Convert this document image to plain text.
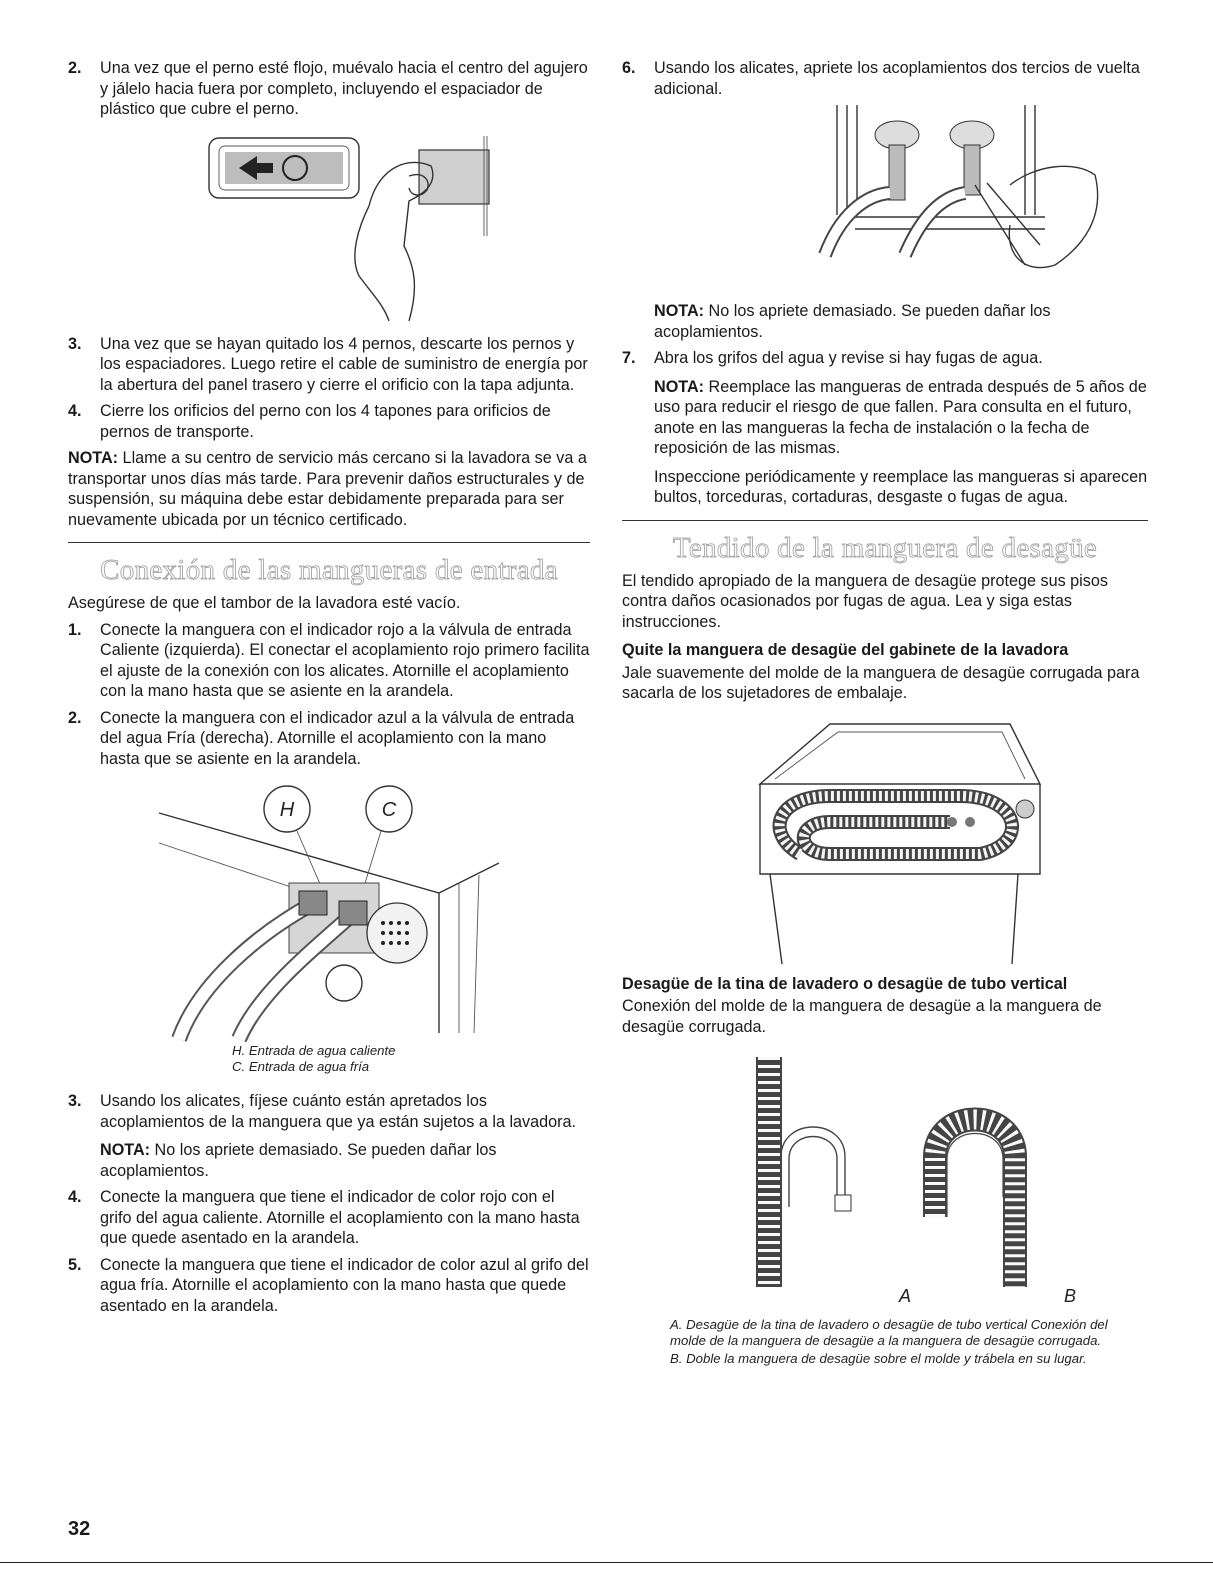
2.	Una vez que el perno esté flojo, muévalo hacia el centro del agujero y jálelo hacia fuera por completo, incluyendo el espaciador de plástico que cubre el perno.

3.	Una vez que se hayan quitado los 4 pernos, descarte los pernos y los espaciadores. Luego retire el cable de suministro de energía por la abertura del panel trasero y cierre el orificio con la tapa adjunta.

4.	Cierre los orificios del perno con los 4 tapones para orificios de pernos de transporte.

NOTA: Llame a su centro de servicio más cercano si la lavadora se va a transportar unos días más tarde. Para prevenir daños estructurales y de suspensión, su máquina debe estar debidamente preparada para ser nuevamente ubicada por un técnico certificado.

Conexión de las mangueras de entrada

Asegúrese de que el tambor de la lavadora esté vacío.

1.	Conecte la manguera con el indicador rojo a la válvula de entrada Caliente (izquierda). El conectar el acoplamiento rojo primero facilita el ajuste de la conexión con los alicates. Atornille el acoplamiento con la mano hasta que se asiente en la arandela.

2.	Conecte la manguera con el indicador azul a la válvula de entrada del agua Fría (derecha). Atornille el acoplamiento con la mano hasta que se asiente en la arandela.

H	C
H. Entrada de agua caliente
C. Entrada de agua fría
3.	Usando los alicates, fíjese cuánto están apretados los acoplamientos de la manguera que ya están sujetos a la lavadora.

NOTA: No los apriete demasiado. Se pueden dañar los acoplamientos.

4.	Conecte la manguera que tiene el indicador de color rojo con el grifo del agua caliente. Atornille el acoplamiento con la mano hasta que quede asentado en la arandela.

5.	Conecte la manguera que tiene el indicador de color azul al grifo del agua fría. Atornille el acoplamiento con la mano hasta que quede asentado en la arandela.

6.	Usando los alicates, apriete los acoplamientos dos tercios de vuelta adicional.

NOTA: No los apriete demasiado. Se pueden dañar los acoplamientos.

7.	Abra los grifos del agua y revise si hay fugas de agua.

NOTA: Reemplace las mangueras de entrada después de 5 años de uso para reducir el riesgo de que fallen. Para consulta en el futuro, anote en las mangueras la fecha de instalación o la fecha de reposición de las mismas.

Inspeccione periódicamente y reemplace las mangueras si aparecen bultos, torceduras, cortaduras, desgaste o fugas de agua.

Tendido de la manguera de desagüe

El tendido apropiado de la manguera de desagüe protege sus pisos contra daños ocasionados por fugas de agua. Lea y siga estas instrucciones.

Quite la manguera de desagüe del gabinete de la lavadora

Jale suavemente del molde de la manguera de desagüe corrugada para sacarla de los sujetadores de embalaje.

Desagüe de la tina de lavadero o desagüe de tubo vertical

Conexión del molde de la manguera de desagüe a la manguera de desagüe corrugada.

A	B
A. Desagüe de la tina de lavadero o desagüe de tubo vertical Conexión del molde de la manguera de desagüe a la manguera de desagüe corrugada.
B. Doble la manguera de desagüe sobre el molde y trábela en su lugar.
32
